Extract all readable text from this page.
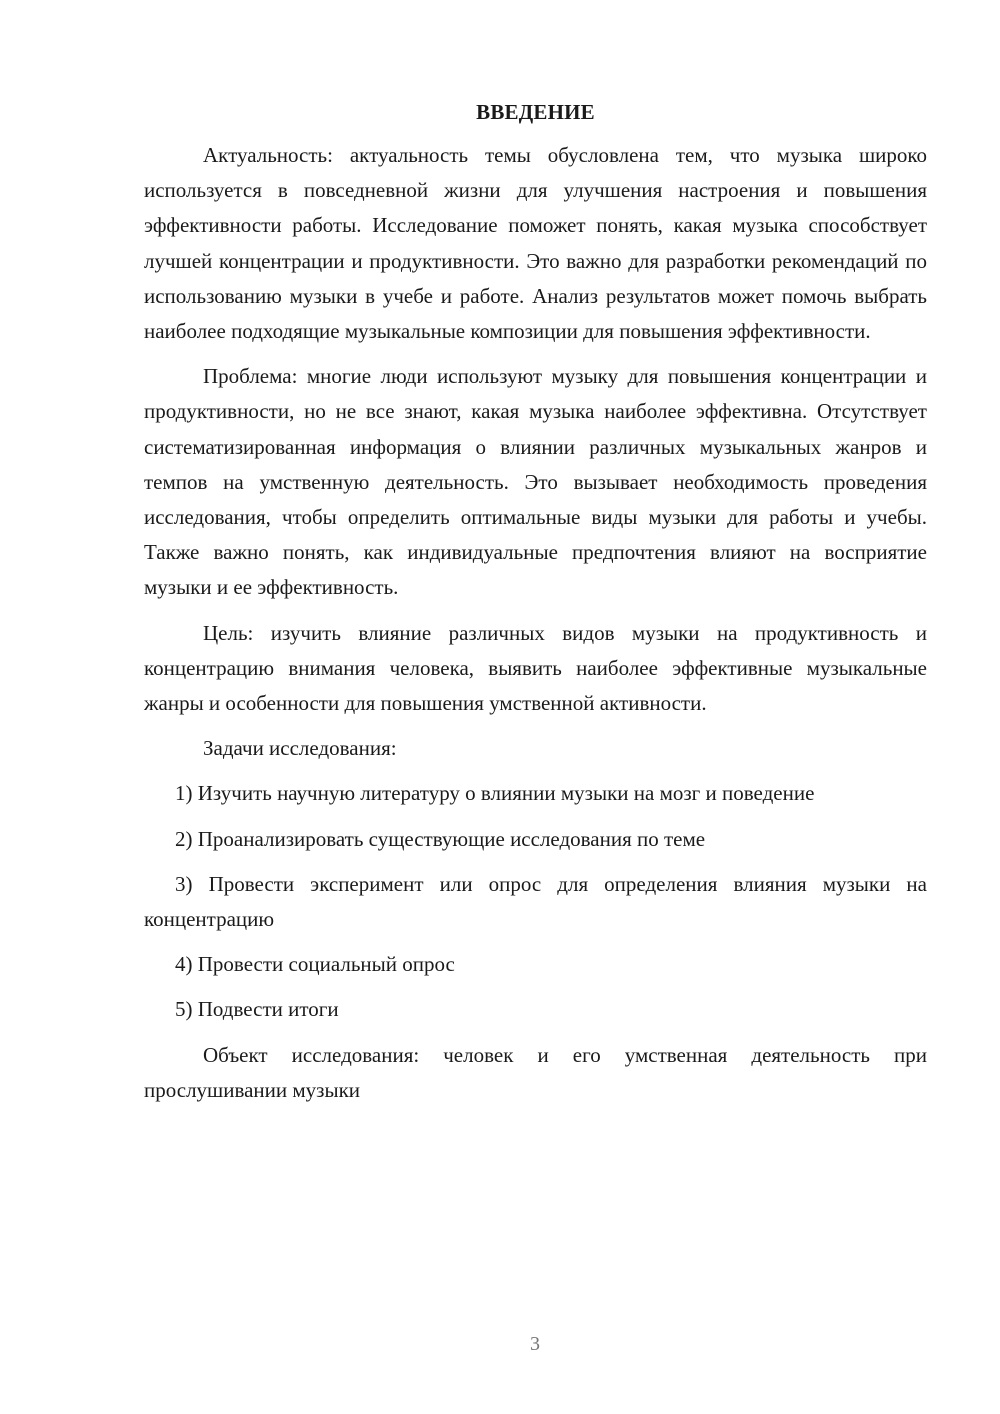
ВВЕДЕНИЕ

Актуальность: актуальность темы обусловлена тем, что музыка широко используется в повседневной жизни для улучшения настроения и повышения эффективности работы. Исследование поможет понять, какая музыка способствует лучшей концентрации и продуктивности. Это важно для разработки рекомендаций по использованию музыки в учебе и работе. Анализ результатов может помочь выбрать наиболее подходящие музыкальные композиции для повышения эффективности.

Проблема: многие люди используют музыку для повышения концентрации и продуктивности, но не все знают, какая музыка наиболее эффективна. Отсутствует систематизированная информация о влиянии различных музыкальных жанров и темпов на умственную деятельность. Это вызывает необходимость проведения исследования, чтобы определить оптимальные виды музыки для работы и учебы. Также важно понять, как индивидуальные предпочтения влияют на восприятие музыки и ее эффективность.

Цель: изучить влияние различных видов музыки на продуктивность и концентрацию внимания человека, выявить наиболее эффективные музыкальные жанры и особенности для повышения умственной активности.

Задачи исследования:

1) Изучить научную литературу о влиянии музыки на мозг и поведение

2) Проанализировать существующие исследования по теме

3) Провести эксперимент или опрос для определения влияния музыки на концентрацию

4) Провести социальный опрос

5) Подвести итоги

Объект исследования: человек и его умственная деятельность при прослушивании музыки

3
